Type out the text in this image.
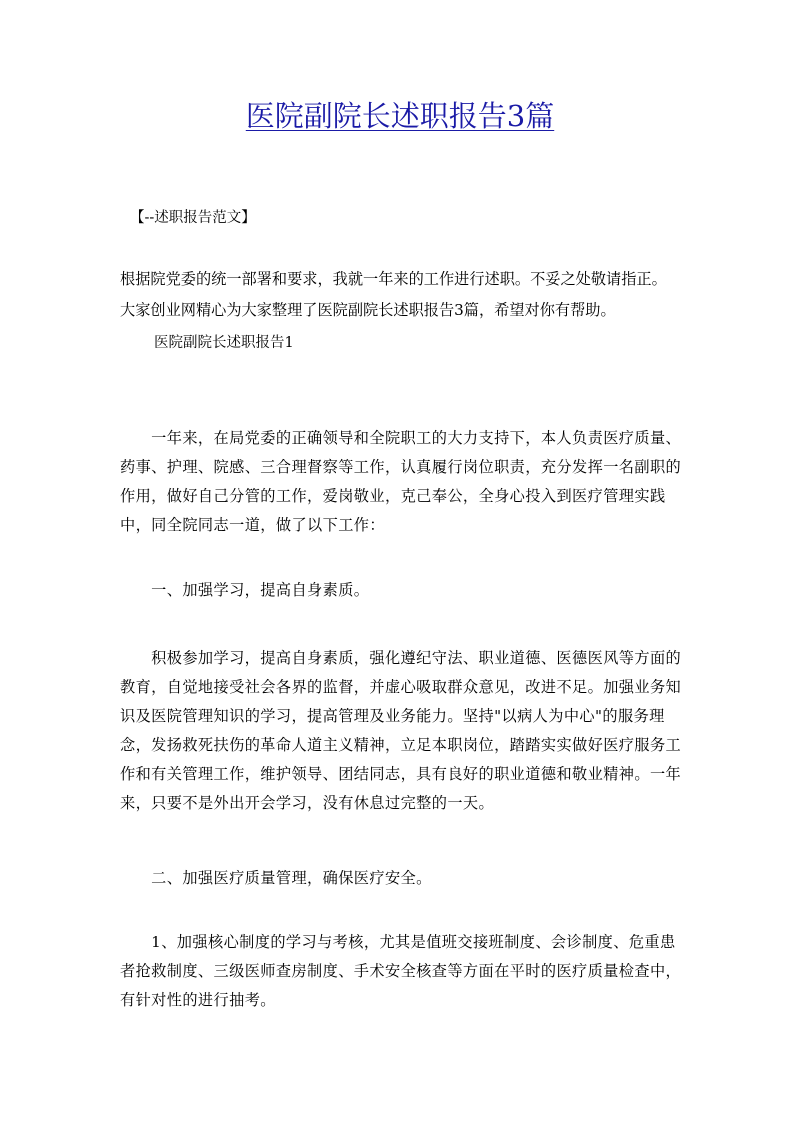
医院副院长述职报告3篇
【--述职报告范文】
根据院党委的统一部署和要求，我就一年来的工作进行述职。不妥之处敬请指正。
大家创业网精心为大家整理了医院副院长述职报告3篇，希望对你有帮助。
医院副院长述职报告1
一年来，在局党委的正确领导和全院职工的大力支持下，本人负责医疗质量、药事、护理、院感、三合理督察等工作，认真履行岗位职责，充分发挥一名副职的作用，做好自己分管的工作，爱岗敬业，克己奉公，全身心投入到医疗管理实践中，同全院同志一道，做了以下工作：
一、加强学习，提高自身素质。
积极参加学习，提高自身素质，强化遵纪守法、职业道德、医德医风等方面的教育，自觉地接受社会各界的监督，并虚心吸取群众意见，改进不足。加强业务知识及医院管理知识的学习，提高管理及业务能力。坚持"以病人为中心"的服务理念，发扬救死扶伤的革命人道主义精神，立足本职岗位，踏踏实实做好医疗服务工作和有关管理工作，维护领导、团结同志，具有良好的职业道德和敬业精神。一年来，只要不是外出开会学习，没有休息过完整的一天。
二、加强医疗质量管理，确保医疗安全。
1、加强核心制度的学习与考核，尤其是值班交接班制度、会诊制度、危重患者抢救制度、三级医师查房制度、手术安全核查等方面在平时的医疗质量检查中，有针对性的进行抽考。
